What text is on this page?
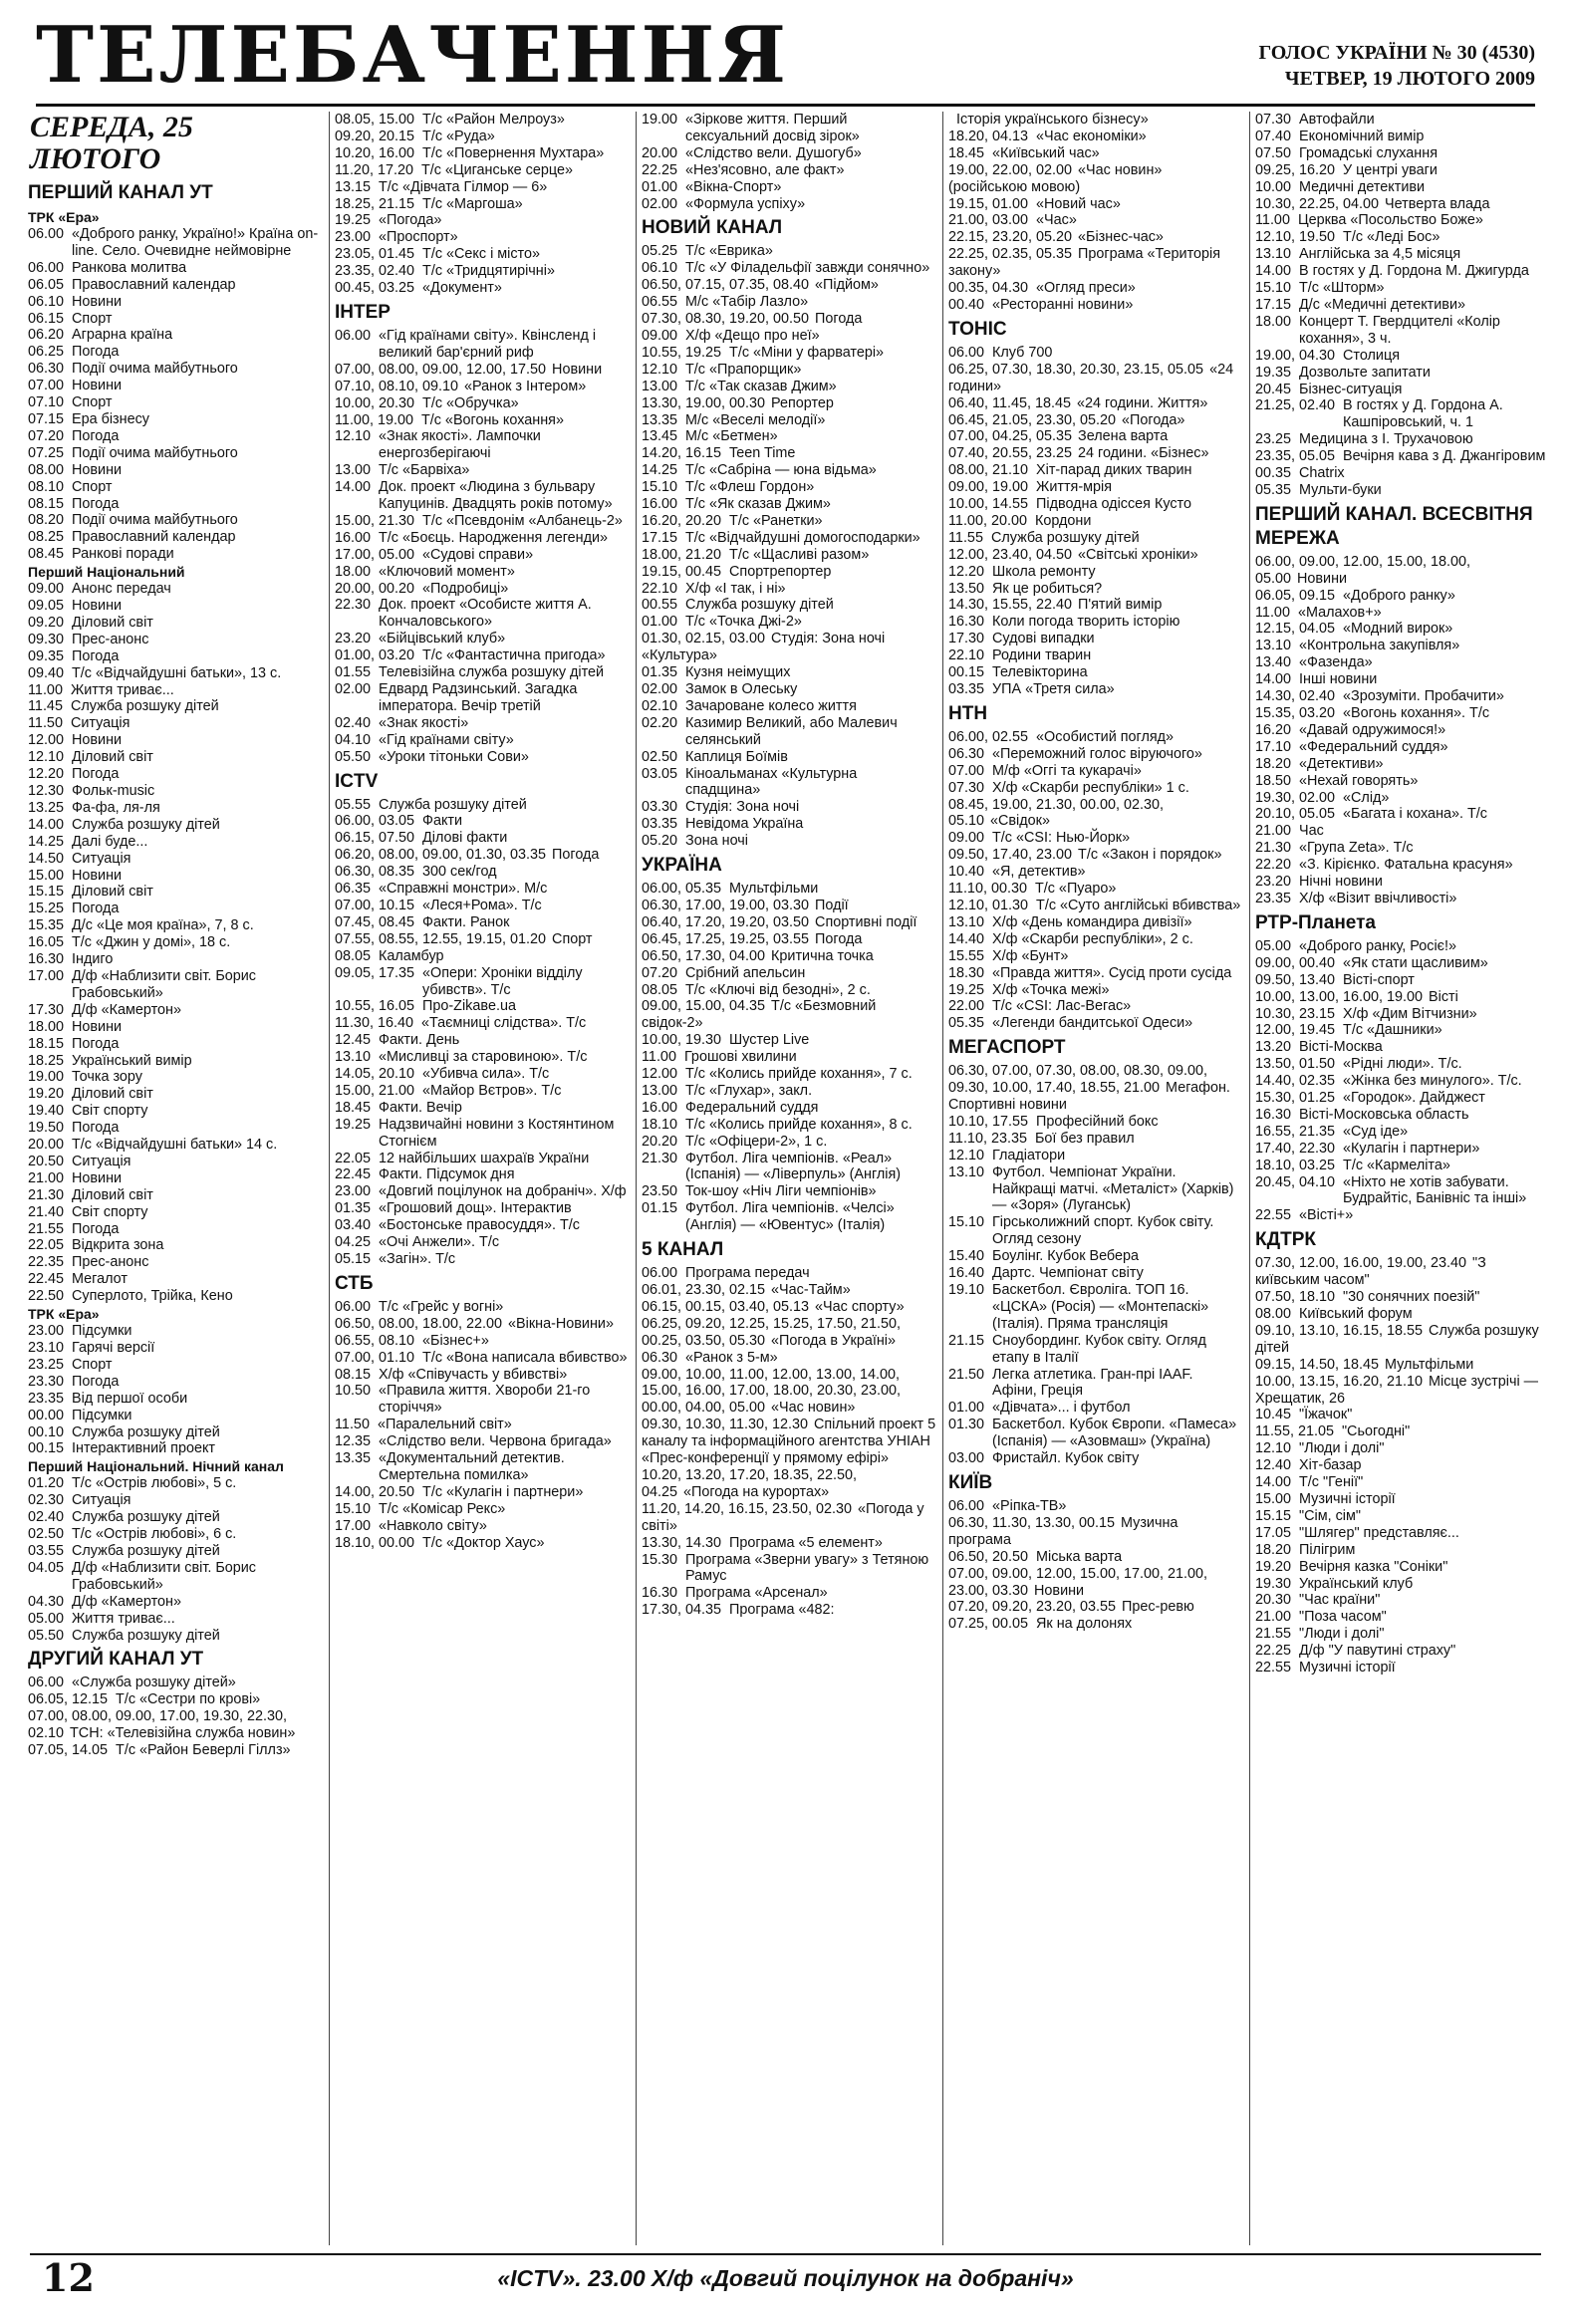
ТЕЛЕБАЧЕННЯ	ГОЛОС УКРАЇНИ № 30 (4530)
ЧЕТВЕР, 19 ЛЮТОГО 2009
СЕРЕДА, 25 ЛЮТОГО
ПЕРШИЙ КАНАЛ УТ
ТРК «Ера»
06.00 «Доброго ранку, Україно!» Країна on-line. Село. Очевидне неймовірне
06.00 Ранкова молитва
06.05 Православний календар
06.10 Новини
06.15 Спорт
06.20 Аграрна країна
06.25 Погода
06.30 Події очима майбутнього
07.00 Новини
07.10 Спорт
07.15 Ера бізнесу
07.20 Погода
07.25 Події очима майбутнього
08.00 Новини
08.10 Спорт
08.15 Погода
08.20 Події очима майбутнього
08.25 Православний календар
08.45 Ранкові поради
Перший Національний
09.00 Анонс передач
09.05 Новини
09.20 Діловий світ
09.30 Прес-анонс
09.35 Погода
09.40 Т/с «Відчайдушні батьки», 13 с.
11.00 Життя триває...
11.45 Служба розшуку дітей
11.50 Ситуація
12.00 Новини
12.10 Діловий світ
12.20 Погода
12.30 Фольк-music
13.25 Фа-фа, ля-ля
14.00 Служба розшуку дітей
14.25 Далі буде...
14.50 Ситуація
15.00 Новини
15.15 Діловий світ
15.25 Погода
15.35 Д/с «Це моя країна», 7, 8 с.
16.05 Т/с «Джин у домі», 18 с.
16.30 Індиго
17.00 Д/ф «Наблизити світ. Борис Грабовський»
17.30 Д/ф «Камертон»
18.00 Новини
18.15 Погода
18.25 Український вимір
19.00 Точка зору
19.20 Діловий світ
19.40 Світ спорту
19.50 Погода
20.00 Т/с «Відчайдушні батьки» 14 с.
20.50 Ситуація
21.00 Новини
21.30 Діловий світ
21.40 Світ спорту
21.55 Погода
22.05 Відкрита зона
22.35 Прес-анонс
22.45 Мегалот
22.50 Суперлото, Трійка, Кено
ТРК «Ера»
23.00 Підсумки
23.10 Гарячі версії
23.25 Спорт
23.30 Погода
23.35 Від першої особи
00.00 Підсумки
00.10 Служба розшуку дітей
00.15 Інтерактивний проект
Перший Національний. Нічний канал
01.20 Т/с «Острів любові», 5 с.
02.30 Ситуація
02.40 Служба розшуку дітей
02.50 Т/с «Острів любові», 6 с.
03.55 Служба розшуку дітей
04.05 Д/ф «Наблизити світ. Борис Грабовський»
04.30 Д/ф «Камертон»
05.00 Життя триває...
05.50 Служба розшуку дітей
ДРУГИЙ КАНАЛ УТ
06.00 «Служба розшуку дітей»
06.05, 12.15 Т/с «Сестри по крові»
07.00, 08.00, 09.00, 17.00, 19.30, 22.30, 02.10 ТСН: «Телевізійна служба новин»
07.05, 14.05 Т/с «Район Беверлі Гіллз»
08.05, 15.00 Т/с «Район Мелроуз»
09.20, 20.15 Т/с «Руда»
10.20, 16.00 Т/с «Повернення Мухтара»
11.20, 17.20 Т/с «Циганське серце»
13.15 Т/с «Дівчата Гілмор — 6»
18.25, 21.15 Т/с «Маргоша»
19.25 «Погода»
23.00 «Проспорт»
23.05, 01.45 Т/с «Секс і місто»
23.35, 02.40 Т/с «Тридцятирічні»
00.45, 03.25 «Документ»
ІНТЕР
06.00 «Гід країнами світу». Квінсленд і великий бар'єрний риф
07.00, 08.00, 09.00, 12.00, 17.50 Новини
07.10, 08.10, 09.10 «Ранок з Інтером»
10.00, 20.30 Т/с «Обручка»
11.00, 19.00 Т/с «Вогонь кохання»
12.10 «Знак якості». Лампочки енергозберігаючі
13.00 Т/с «Барвіха»
14.00 Док. проект «Людина з бульвару Капуцинів. Двадцять років потому»
15.00, 21.30 Т/с «Псевдонім «Албанець-2»
16.00 Т/с «Боєць. Народження легенди»
17.00, 05.00 «Судові справи»
18.00 «Ключовий момент»
20.00, 00.20 «Подробиці»
22.30 Док. проект «Особисте життя А. Кончаловського»
23.20 «Бійцівський клуб»
01.00, 03.20 Т/с «Фантастична пригода»
01.55 Телевізійна служба розшуку дітей
02.00 Едвард Радзинський. Загадка імператора. Вечір третій
02.40 «Знак якості»
04.10 «Гід країнами світу»
05.50 «Уроки тітоньки Сови»
ICTV
05.55 Служба розшуку дітей
06.00, 03.05 Факти
06.15, 07.50 Ділові факти
06.20, 08.00, 09.00, 01.30, 03.35 Погода
06.30, 08.35 300 сек/год
06.35 «Справжні монстри». М/с
07.00, 10.15 «Леся+Рома». Т/с
07.45, 08.45 Факти. Ранок
07.55, 08.55, 12.55, 19.15, 01.20 Спорт
08.05 Каламбур
09.05, 17.35 «Опери: Хроніки відділу убивств». Т/с
10.55, 16.05 Про-Zikaвe.ua
11.30, 16.40 «Таємниці слідства». Т/с
12.45 Факти. День
13.10 «Мисливці за старовиною». Т/с
14.05, 20.10 «Убивча сила». Т/с
15.00, 21.00 «Майор Вєтров». Т/с
18.45 Факти. Вечір
19.25 Надзвичайні новини з Костянтином Стогнієм
22.05 12 найбільших шахраїв України
22.45 Факти. Підсумок дня
23.00 «Довгий поцілунок на добраніч». Х/ф
01.35 «Грошовий дощ». Інтерактив
03.40 «Бостонське правосуддя». Т/с
04.25 «Очі Анжели». Т/с
05.15 «Загін». Т/с
СТБ
06.00 Т/с «Грейс у вогні»
06.50, 08.00, 18.00, 22.00 «Вікна-Новини»
06.55, 08.10 «Бізнес+»
07.00, 01.10 Т/с «Вона написала вбивство»
08.15 Х/ф «Співучасть у вбивстві»
10.50 «Правила життя. Хвороби 21-го сторіччя»
11.50 «Паралельний світ»
12.35 «Слідство вели. Червона бригада»
13.35 «Документальний детектив. Смертельна помилка»
14.00, 20.50 Т/с «Кулагін і партнери»
15.10 Т/с «Комісар Рекс»
17.00 «Навколо світу»
18.10, 00.00 Т/с «Доктор Хаус»
19.00 «Зіркове життя. Перший сексуальний досвід зірок»
20.00 «Слідство вели. Душогуб»
22.25 «Нез'ясовно, але факт»
01.00 «Вікна-Спорт»
02.00 «Формула успіху»
НОВИЙ КАНАЛ
05.25 Т/с «Еврика»
06.10 Т/с «У Філадельфії завжди сонячно»
06.50, 07.15, 07.35, 08.40 «Підйом»
06.55 М/с «Табір Лазло»
07.30, 08.30, 19.20, 00.50 Погода
09.00 Х/ф «Дещо про неї»
10.55, 19.25 Т/с «Міни у фарватері»
12.10 Т/с «Прапорщик»
13.00 Т/с «Так сказав Джим»
13.30, 19.00, 00.30 Репортер
13.35 М/с «Веселі мелодії»
13.45 М/с «Бетмен»
14.20, 16.15 Teen Time
14.25 Т/с «Сабріна — юна відьма»
15.10 Т/с «Флеш Гордон»
16.00 Т/с «Як сказав Джим»
16.20, 20.20 Т/с «Ранетки»
17.15 Т/с «Відчайдушні домогосподарки»
18.00, 21.20 Т/с «Щасливі разом»
19.15, 00.45 Спортрепортер
22.10 Х/ф «І так, і ні»
00.55 Служба розшуку дітей
01.00 Т/с «Точка Джі-2»
01.30, 02.15, 03.00 Студія: Зона ночі «Культура»
01.35 Кузня неімущих
02.00 Замок в Олеську
02.10 Зачароване колесо життя
02.20 Казимир Великий, або Малевич селянський
02.50 Каплиця Боїмів
03.05 Кіноальманах «Культурна спадщина»
03.30 Студія: Зона ночі
03.35 Невідома Україна
05.20 Зона ночі
УКРАЇНА
06.00, 05.35 Мультфільми
06.30, 17.00, 19.00, 03.30 Події
06.40, 17.20, 19.20, 03.50 Спортивні події
06.45, 17.25, 19.25, 03.55 Погода
06.50, 17.30, 04.00 Критична точка
07.20 Срібний апельсин
08.05 Т/с «Ключі від безодні», 2 с.
09.00, 15.00, 04.35 Т/с «Безмовний свідок-2»
10.00, 19.30 Шустер Live
11.00 Грошові хвилини
12.00 Т/с «Колись прийде кохання», 7 с.
13.00 Т/с «Глухар», закл.
16.00 Федеральний суддя
18.10 Т/с «Колись прийде кохання», 8 с.
20.20 Т/с «Офіцери-2», 1 с.
21.30 Футбол. Ліга чемпіонів. «Реал» (Іспанія) — «Ліверпуль» (Англія)
23.50 Ток-шоу «Ніч Ліги чемпіонів»
01.15 Футбол. Ліга чемпіонів. «Челсі» (Англія) — «Ювентус» (Італія)
5 КАНАЛ
06.00 Програма передач
06.01, 23.30, 02.15 «Час-Тайм»
06.15, 00.15, 03.40, 05.13 «Час спорту»
06.25, 09.20, 12.25, 15.25, 17.50, 21.50, 00.25, 03.50, 05.30 «Погода в Україні»
06.30 «Ранок з 5-м»
09.00, 10.00, 11.00, 12.00, 13.00, 14.00, 15.00, 16.00, 17.00, 18.00, 20.30, 23.00, 00.00, 04.00, 05.00 «Час новин»
09.30, 10.30, 11.30, 12.30 Спільний проект 5 каналу та інформаційного агентства УНІАН «Прес-конференції у прямому ефірі»
10.20, 13.20, 17.20, 18.35, 22.50, 04.25 «Погода на курортах»
11.20, 14.20, 16.15, 23.50, 02.30 «Погода у світі»
13.30, 14.30 Програма «5 елемент»
15.30 Програма «Зверни увагу» з Тетяною Рамус
16.30 Програма «Арсенал»
17.30, 04.35 Програма «482:
Історія українського бізнесу»
18.20, 04.13 «Час економіки»
18.45 «Київський час»
19.00, 22.00, 02.00 «Час новин» (російською мовою)
19.15, 01.00 «Новий час»
21.00, 03.00 «Час»
22.15, 23.20, 05.20 «Бізнес-час»
22.25, 02.35, 05.35 Програма «Територія закону»
00.35, 04.30 «Огляд преси»
00.40 «Ресторанні новини»
ТОНІС
06.00 Клуб 700
06.25, 07.30, 18.30, 20.30, 23.15, 05.05 «24 години»
06.40, 11.45, 18.45 «24 години. Життя»
06.45, 21.05, 23.30, 05.20 «Погода»
07.00, 04.25, 05.35 Зелена варта
07.40, 20.55, 23.25 24 години. «Бізнес»
08.00, 21.10 Хіт-парад диких тварин
09.00, 19.00 Життя-мрія
10.00, 14.55 Підводна одіссея Кусто
11.00, 20.00 Кордони
11.55 Служба розшуку дітей
12.00, 23.40, 04.50 «Світські хроніки»
12.20 Школа ремонту
13.50 Як це робиться?
14.30, 15.55, 22.40 П'ятий вимір
16.30 Коли погода творить історію
17.30 Судові випадки
22.10 Родини тварин
00.15 Телевікторина
03.35 УПА «Третя сила»
НТН
06.00, 02.55 «Особистий погляд»
06.30 «Переможний голос віруючого»
07.00 М/ф «Оггі та кукарачі»
07.30 Х/ф «Скарби республіки» 1 с.
08.45, 19.00, 21.30, 00.00, 02.30, 05.10 «Свідок»
09.00 Т/с «CSI: Нью-Йорк»
09.50, 17.40, 23.00 Т/с «Закон і порядок»
10.40 «Я, детектив»
11.10, 00.30 Т/с «Пуаро»
12.10, 01.30 Т/с «Суто англійські вбивства»
13.10 Х/ф «День командира дивізії»
14.40 Х/ф «Скарби республіки», 2 с.
15.55 Х/ф «Бунт»
18.30 «Правда життя». Сусід проти сусіда
19.25 Х/ф «Точка межі»
22.00 Т/с «CSI: Лас-Вегас»
05.35 «Легенди бандитської Одеси»
МЕГАСПОРТ
06.30, 07.00, 07.30, 08.00, 08.30, 09.00, 09.30, 10.00, 17.40, 18.55, 21.00 Мегафон. Спортивні новини
10.10, 17.55 Професійний бокс
11.10, 23.35 Бої без правил
12.10 Гладіатори
13.10 Футбол. Чемпіонат України. Найкращі матчі. «Металіст» (Харків) — «Зоря» (Луганськ)
15.10 Гірськолижний спорт. Кубок світу. Огляд сезону
15.40 Боулінг. Кубок Вебера
16.40 Дартс. Чемпіонат світу
19.10 Баскетбол. Євроліга. ТОП 16. «ЦСКА» (Росія) — «Монтепаскі» (Італія). Пряма трансляція
21.15 Сноубординг. Кубок світу. Огляд етапу в Італії
21.50 Легка атлетика. Гран-прі IAAF. Афіни, Греція
01.00 «Дівчата»... і футбол
01.30 Баскетбол. Кубок Європи. «Памеса» (Іспанія) — «Азовмаш» (Україна)
03.00 Фристайл. Кубок світу
КИЇВ
06.00 «Ріпка-ТВ»
06.30, 11.30, 13.30, 00.15 Музична програма
06.50, 20.50 Міська варта
07.00, 09.00, 12.00, 15.00, 17.00, 21.00, 23.00, 03.30 Новини
07.20, 09.20, 23.20, 03.55 Прес-ревю
07.25, 00.05 Як на долонях
07.30 Автофайли
07.40 Економічний вимір
07.50 Громадські слухання
09.25, 16.20 У центрі уваги
10.00 Медичні детективи
10.30, 22.25, 04.00 Четверта влада
11.00 Церква «Посольство Боже»
12.10, 19.50 Т/с «Леді Бос»
13.10 Англійська за 4,5 місяця
14.00 В гостях у Д. Гордона М. Джигурда
15.10 Т/с «Шторм»
17.15 Д/с «Медичні детективи»
18.00 Концерт Т. Гвердцителі «Колір кохання», 3 ч.
19.00, 04.30 Столиця
19.35 Дозвольте запитати
20.45 Бізнес-ситуація
21.25, 02.40 В гостях у Д. Гордона А. Кашпіровський, ч. 1
23.25 Медицина з І. Трухачовою
23.35, 05.05 Вечірня кава з Д. Джангіровим
00.35 Chatrix
05.35 Мульти-буки
ПЕРШИЙ КАНАЛ. ВСЕСВІТНЯ МЕРЕЖА
06.00, 09.00, 12.00, 15.00, 18.00, 05.00 Новини
06.05, 09.15 «Доброго ранку»
11.00 «Малахов+»
12.15, 04.05 «Модний вирок»
13.10 «Контрольна закупівля»
13.40 «Фазенда»
14.00 Інші новини
14.30, 02.40 «Зрозуміти. Пробачити»
15.35, 03.20 «Вогонь кохання». Т/с
16.20 «Давай одружимося!»
17.10 «Федеральний суддя»
18.20 «Детективи»
18.50 «Нехай говорять»
19.30, 02.00 «Слід»
20.10, 05.05 «Багата і кохана». Т/с
21.00 Час
21.30 «Група Zeta». Т/с
22.20 «З. Кірієнко. Фатальна красуня»
23.20 Нічні новини
23.35 Х/ф «Візит ввічливості»
РТР-Планета
05.00 «Доброго ранку, Росіє!»
09.00, 00.40 «Як стати щасливим»
09.50, 13.40 Вісті-спорт
10.00, 13.00, 16.00, 19.00 Вісті
10.30, 23.15 Х/ф «Дим Вітчизни»
12.00, 19.45 Т/с «Дашники»
13.20 Вісті-Москва
13.50, 01.50 «Рідні люди». Т/с.
14.40, 02.35 «Жінка без минулого». Т/с.
15.30, 01.25 «Городок». Дайджест
16.30 Вісті-Московська область
16.55, 21.35 «Суд іде»
17.40, 22.30 «Кулагін і партнери»
18.10, 03.25 Т/с «Кармеліта»
20.45, 04.10 «Ніхто не хотів забувати. Будрайтіс, Банівніс та інші»
22.55 «Вісті+»
КДТРК
07.30, 12.00, 16.00, 19.00, 23.40 "З київським часом"
07.50, 18.10 "30 сонячних поезій"
08.00 Київський форум
09.10, 13.10, 16.15, 18.55 Служба розшуку дітей
09.15, 14.50, 18.45 Мультфільми
10.00, 13.15, 16.20, 21.10 Місце зустрічі — Хрещатик, 26
10.45 "Їжачок"
11.55, 21.05 "Сьогодні"
12.10 "Люди і долі"
12.40 Хіт-базар
14.00 Т/с "Генії"
15.00 Музичні історії
15.15 "Сім, сім"
17.05 "Шлягер" представляє...
18.20 Пілігрим
19.20 Вечірня казка "Соніки"
19.30 Український клуб
20.30 "Час країни"
21.00 "Поза часом"
21.55 "Люди і долі"
22.25 Д/ф "У павутині страху"
22.55 Музичні історії
12	«ICTV». 23.00 Х/ф «Довгий поцілунок на добраніч»
